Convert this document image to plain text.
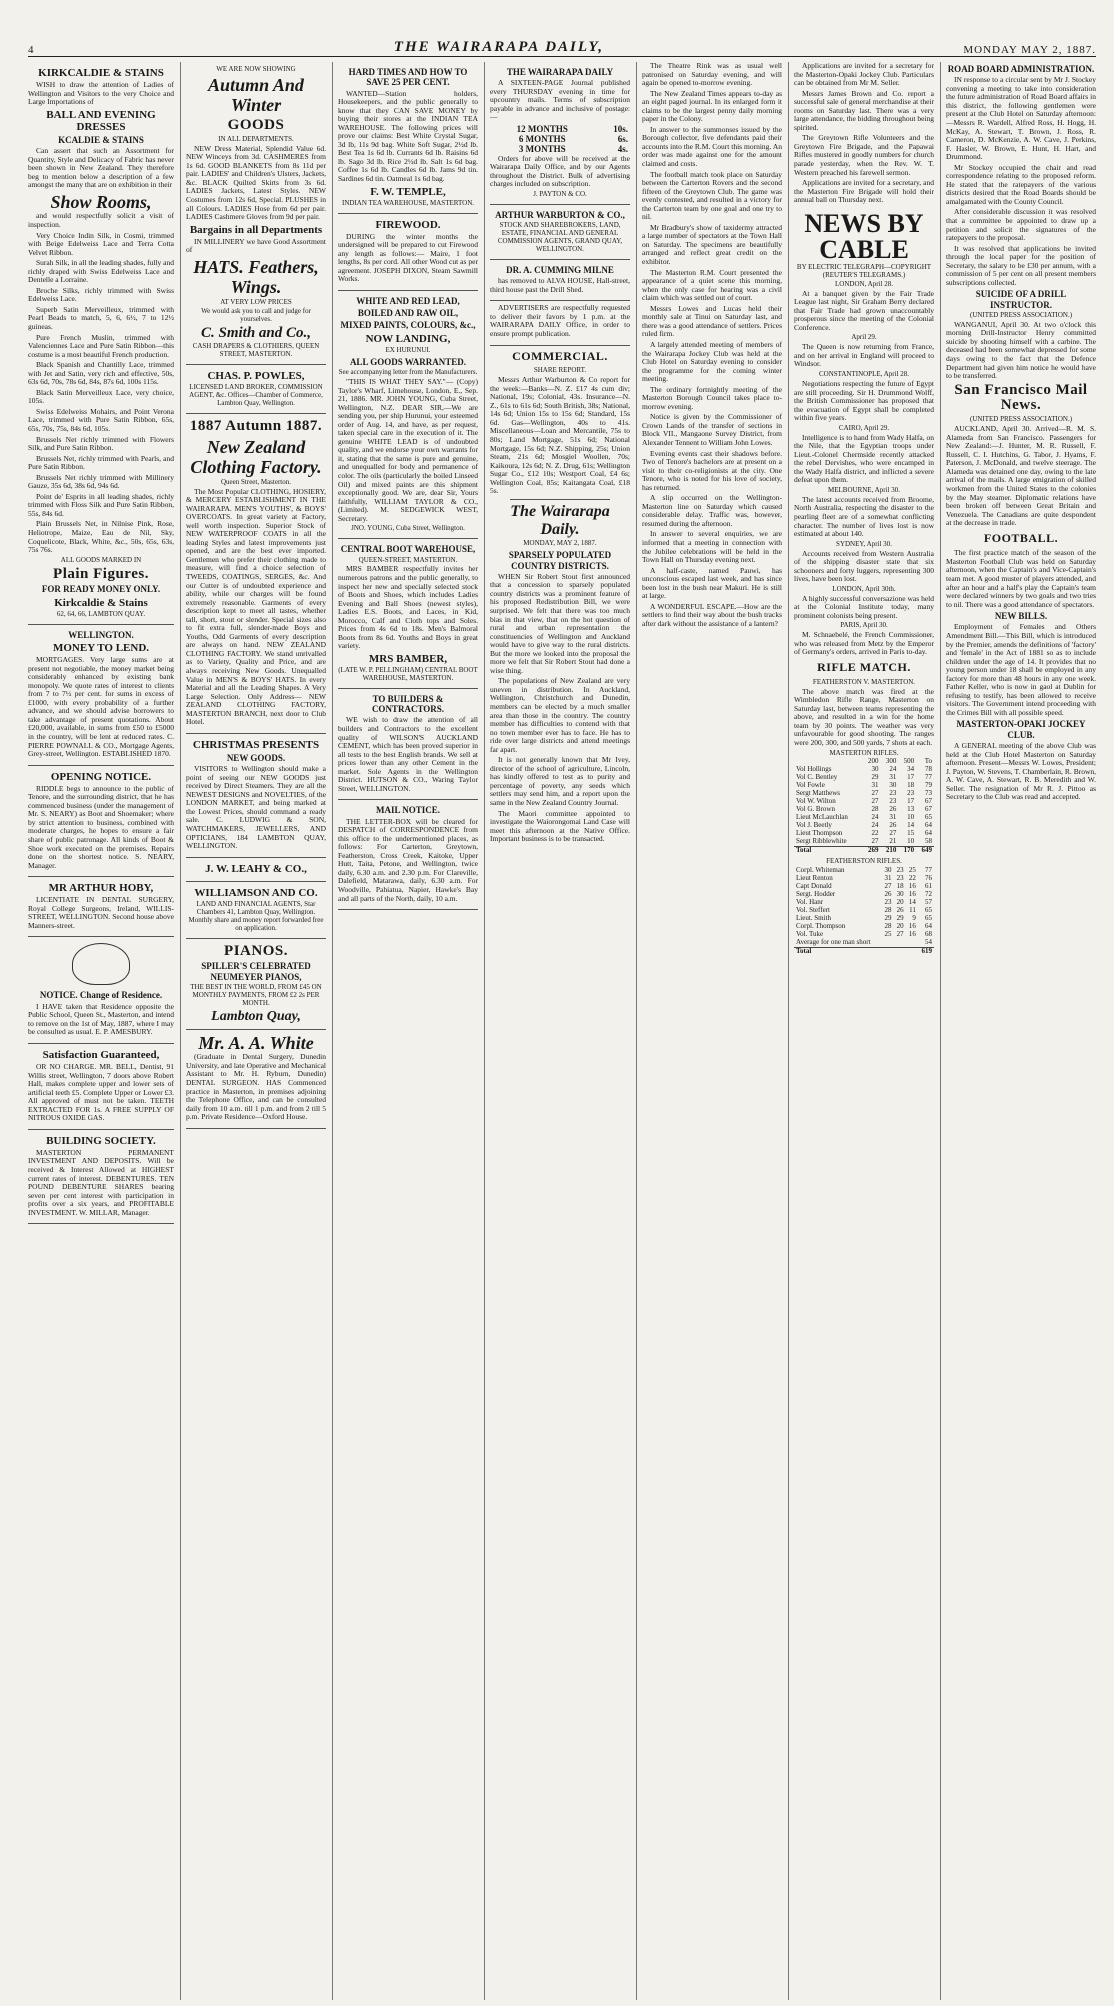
4	THE WAIRARAPA DAILY,	MONDAY MAY 2, 1887.
KIRKCALDIE & STAINS

WISH to draw the attention of Ladies of Wellington and Visitors to the very Choice and Large Importations of

BALL AND EVENING DRESSES
KCALDIE & STAINS

Can assert that such an Assortment for Quantity, Style and Delicacy of Fabric has never been shown in New Zealand. They therefore beg to mention below a description of a few amongst the many that are on exhibition in their

Show Rooms,

and would respectfully solicit a visit of inspection.

Very Choice Indin Silk, in Cosmi, trimmed with Beige Edelweiss Lace and Terra Cotta Velvet Ribbon.

Surah Silk, in all the leading shades, fully and richly draped with Swiss Edelweiss Lace and Dentelle a Lorraine.

Broche Silks, richly trimmed with Swiss Edelweiss Lace.

Superb Satin Merveilleux, trimmed with Pearl Beads to match, 5, 6, 6½, 7 to 12½ guineas.

Pure French Muslin, trimmed with Valenciennes Lace and Pure Satin Ribbon—this costume is a most beautiful French production.

Black Spanish and Chantilly Lace, trimmed with Jet and Satin, very rich and effective, 50s, 63s 6d, 70s, 78s 6d, 84s, 87s 6d, 100s 115s.

Black Satin Merveilleux Lace, very choice, 105s.

Swiss Edelweiss Mohairs, and Point Verona Lace, trimmed with Pure Satin Ribbon, 65s, 65s, 70s, 75s, 84s 6d, 105s.

Brussels Net richly trimmed with Flowers Silk, and Pure Satin Ribbon.

Brussels Net, richly trimmed with Pearls, and Pure Satin Ribbon.

Brussels Net richly trimmed with Millinery Gauze, 35s 6d, 38s 6d, 94s 6d.

Point de' Esprits in all leading shades, richly trimmed with Floss Silk and Pure Satin Ribbon, 55s, 84s 6d.

Plain Brussels Net, in Nilnise Pink, Rose, Heliotrope, Maize, Eau de Nil, Sky, Coquelicote, Black, White, &c., 50s, 65s, 63s, 75s 76s.

ALL GOODS MARKED IN
Plain Figures.
FOR READY MONEY ONLY.
Kirkcaldie & Stains
62, 64, 66, LAMBTON QUAY.
WELLINGTON.
MONEY TO LEND.

MORTGAGES. Very large sums are at present not negotiable, the money market being considerably enhanced by existing bank monopoly. We quote rates of interest to clients from 7 to 7½ per cent. for sums in excess of £1000, with every probability of a further advance, and we should advise borrowers to take advantage of present quotations. About £20,000, available, in sums from £50 to £5000 in the country, will be lent at reduced rates. C. PIERRE POWNALL & CO., Mortgage Agents, Grey-street, Wellington. ESTABLISHED 1870.

OPENING NOTICE.

RIDDLE begs to announce to the public of Tenore, and the surrounding district, that he has commenced business (under the management of Mr. S. NEARY) as Boot and Shoemaker; where by strict attention to business, combined with moderate charges, he hopes to ensure a fair share of public patronage. All kinds of Boot & Shoe work executed on the premises. Repairs done on the shortest notice. S. NEARY, Manager.

MR ARTHUR HOBY,

LICENTIATE IN DENTAL SURGERY, Royal College Surgeons, Ireland, WILLIS-STREET, WELLINGTON. Second house above Manners-street.

NOTICE. Change of Residence.

I HAVE taken that Residence opposite the Public School, Queen St., Masterton, and intend to remove on the 1st of May, 1887, where I may be consulted as usual. E. P. AMESBURY.

Satisfaction Guaranteed,

OR NO CHARGE. MR. BELL, Dentist, 91 Willis street, Wellington, 7 doors above Robert Hall, makes complete upper and lower sets of artificial teeth £5. Complete Upper or Lower £3. All approved of must not be taken. TEETH EXTRACTED FOR 1s. A FREE SUPPLY OF NITROUS OXIDE GAS.

BUILDING SOCIETY.

MASTERTON PERMANENT INVESTMENT AND DEPOSITS. Will be received & Interest Allowed at HIGHEST current rates of interest. DEBENTURES. TEN POUND DEBENTURE SHARES bearing seven per cent interest with participation in profits over a six years, and PROFITABLE INVESTMENT. W. MILLAR, Manager.

WE ARE NOW SHOWING
Autumn And Winter
GOODS
IN ALL DEPARTMENTS.

NEW Dress Material, Splendid Value 6d. NEW Winceys from 3d. CASHMERES from 1s 6d. GOOD BLANKETS from 8s 11d per pair. LADIES' and Children's Ulsters, Jackets, &c. BLACK Quilted Skirts from 3s 6d. LADIES Jackets, Latest Styles. NEW Costumes from 12s 6d, Special. PLUSHES in all Colours. LADIES Hose from 6d per pair. LADIES Cashmere Gloves from 9d per pair.

Bargains in all Departments

IN MILLINERY we have Good Assortment of

HATS. Feathers, Wings.
AT VERY LOW PRICES
We would ask you to call and judge for yourselves.
C. Smith and Co.,
CASH DRAPERS & CLOTHIERS, QUEEN STREET, MASTERTON.
CHAS. P. POWLES,
LICENSED LAND BROKER, COMMISSION AGENT, &c. Offices—Chamber of Commerce, Lambton Quay, Wellington.
1887 Autumn 1887.
New Zealand Clothing Factory.
Queen Street, Masterton.

The Most Popular CLOTHING, HOSIERY, & MERCERY ESTABLISHMENT IN THE WAIRARAPA. MEN'S YOUTHS', & BOYS' OVERCOATS. In great variety at Factory, well worth inspection. Superior Stock of NEW WATERPROOF COATS in all the leading Styles and latest improvements just opened, and are the best ever imported. Gentlemen who prefer their clothing made to measure, will find a choice selection of TWEEDS, COATINGS, SERGES, &c. And our Cutter is of undoubted experience and ability, while our charges will be found extremely reasonable. Garments of every description kept to meet all tastes, whether tall, short, stout or slender. Special sizes also to fit extra full, slender-made Boys and Youths, Odd Garments of every description are always on hand. NEW ZEALAND CLOTHING FACTORY. We stand unrivalled as to Variety, Quality and Price, and are always receiving New Goods. Unequalled Value in MEN'S & BOYS' HATS. In every Material and all the Leading Shapes. A Very Large Selection. Only Address— NEW ZEALAND CLOTHING FACTORY, MASTERTON BRANCH, next door to Club Hotel.

CHRISTMAS PRESENTS
NEW GOODS.

VISITORS to Wellington should make a point of seeing our NEW GOODS just received by Direct Steamers. They are all the NEWEST DESIGNS and NOVELTIES, of the LONDON MARKET, and being marked at the Lowest Prices, should command a ready sale. C. LUDWIG & SON, WATCHMAKERS, JEWELLERS, AND OPTICIANS, 184 LAMBTON QUAY, WELLINGTON.

J. W. LEAHY & CO.,
WILLIAMSON AND CO.
LAND AND FINANCIAL AGENTS, Star Chambers 41, Lambton Quay, Wellington. Monthly share and money report forwarded free on application.
PIANOS.
SPILLER'S CELEBRATED NEUMEYER PIANOS,
THE BEST IN THE WORLD, FROM £45 ON MONTHLY PAYMENTS, FROM £2 2s PER MONTH.
Lambton Quay,
Mr. A. A. White

(Graduate in Dental Surgery, Dunedin University, and late Operative and Mechanical Assistant to Mr. H. Ryburn, Dunedin) DENTAL SURGEON. HAS Commenced practice in Masterton, in premises adjoining the Telephone Office, and can be consulted daily from 10 a.m. till 1 p.m. and from 2 till 5 p.m. Private Residence—Oxford House.

HARD TIMES AND HOW TO SAVE 25 PER CENT.

WANTED—Station holders, Housekeepers, and the public generally to know that they CAN SAVE MONEY by buying their stores at the INDIAN TEA WAREHOUSE. The following prices will prove our claims: Best White Crystal Sugar, 3d lb, 11s 9d bag. White Soft Sugar, 2½d lb. Best Tea 1s 6d lb. Currants 6d lb. Raisins 6d lb. Sago 3d lb. Rice 2½d lb. Salt 1s 6d bag. Coffee 1s 6d lb. Candles 6d lb. Jams 9d tin. Sardines 6d tin. Oatmeal 1s 6d bag.

F. W. TEMPLE,
INDIAN TEA WAREHOUSE, MASTERTON.
FIREWOOD.

DURING the winter months the undersigned will be prepared to cut Firewood any length as follows:— Maire, 1 foot lengths, 8s per cord. All other Wood cut as per agreement. JOSEPH DIXON, Steam Sawmill Works.

WHITE AND RED LEAD,
BOILED AND RAW OIL,
MIXED PAINTS, COLOURS, &c.,
NOW LANDING,
EX HURUNUI.
ALL GOODS WARRANTED.
See accompanying letter from the Manufacturers.

"THIS IS WHAT THEY SAY."— (Copy) Taylor's Wharf, Limehouse, London, E., Sep. 21, 1886. MR. JOHN YOUNG, Cuba Street, Wellington, N.Z. DEAR SIR,—We are sending you, per ship Hurunui, your esteemed order of Aug. 14, and have, as per request, taken special care in the execution of it. The genuine WHITE LEAD is of undoubted quality, and we endorse your own warrants for it, stating that the same is pure and genuine, and unequalled for body and permanence of color. The oils (particularly the boiled Linseed Oil) and mixed paints are this shipment exceptionally good. We are, dear Sir, Yours faithfully, WILLIAM TAYLOR & CO., (Limited). M. SEDGEWICK WEST, Secretary.

JNO. YOUNG, Cuba Street, Wellington.
CENTRAL BOOT WAREHOUSE,
QUEEN-STREET, MASTERTON.

MRS BAMBER respectfully invites her numerous patrons and the public generally, to inspect her new and specially selected stock of Boots and Shoes, which includes Ladies Evening and Ball Shoes (newest styles), Ladies E.S. Boots, and Laces, in Kid, Morocco, Calf and Cloth tops and Soles. Prices from 4s 6d to 18s. Men's Balmoral Boots from 8s 6d. Youths and Boys in great variety.

MRS BAMBER,
(LATE W. P. PELLINGHAM) CENTRAL BOOT WAREHOUSE, MASTERTON.
TO BUILDERS & CONTRACTORS.

WE wish to draw the attention of all builders and Contractors to the excellent quality of WILSON'S AUCKLAND CEMENT, which has been proved superior in all tests to the best English brands. We sell at prices lower than any other Cement in the market. Sole Agents in the Wellington District. HUTSON & CO., Waring Taylor Street, WELLINGTON.

MAIL NOTICE.

THE LETTER-BOX will be cleared for DESPATCH of CORRESPONDENCE from this office to the undermentioned places, as follows: For Carterton, Greytown, Featherston, Cross Creek, Kaitoke, Upper Hutt, Taita, Petone, and Wellington, twice daily, 6.30 a.m. and 2.30 p.m. For Clareville, Dalefield, Matarawa, daily, 6.30 a.m. For Woodville, Pahiatua, Napier, Hawke's Bay and all parts of the North, daily, 10 a.m.

THE WAIRARAPA DAILY

A SIXTEEN-PAGE Journal published every THURSDAY evening in time for upcountry mails. Terms of subscription payable in advance and inclusive of postage:—

12 MONTHS	10s.
6 MONTHS	6s.
3 MONTHS	4s.

Orders for above will be received at the Wairarapa Daily Office, and by our Agents throughout the District. Bulk of advertising charges included on subscription.

J. PAYTON & CO.
ARTHUR WARBURTON & CO.,
STOCK AND SHAREBROKERS, LAND, ESTATE, FINANCIAL AND GENERAL COMMISSION AGENTS, GRAND QUAY, WELLINGTON.
DR. A. CUMMING MILNE

has removed to ALVA HOUSE, Hall-street, third house past the Drill Shed.

ADVERTISERS are respectfully requested to deliver their favors by 1 p.m. at the WAIRARAPA DAILY Office, in order to ensure prompt publication.

COMMERCIAL.
SHARE REPORT.

Messrs Arthur Warburton & Co report for the week:—Banks—N. Z. £17 4s cum div; National, 19s; Colonial, 43s. Insurance—N. Z., 61s to 61s 6d; South British, 38s; National, 14s 6d; Union 15s to 15s 6d; Standard, 15s 6d. Gas—Wellington, 40s to 41s. Miscellaneous—Loan and Mercantile, 75s to 80s; Land Mortgage, 51s 6d; National Mortgage, 15s 6d; N.Z. Shipping, 25s; Union Steam, 21s 6d; Mosgiel Woollen, 70s; Kaikoura, 12s 6d; N. Z. Drug, 61s; Wellington Sugar Co., £12 10s; Westport Coal, £4 6s; Wellington Coal, 85s; Kaitangata Coal, £18 5s.

The Wairarapa Daily.
MONDAY, MAY 2, 1887.
SPARSELY POPULATED COUNTRY DISTRICTS.

WHEN Sir Robert Stout first announced that a concession to sparsely populated country districts was a prominent feature of his proposed Redistribution Bill, we were surprised. We felt that there was too much bias in that view, that on the hot question of rural and urban representation the constituencies of Wellington and Auckland would have to give way to the rural districts. But the more we looked into the proposal the more we felt that Sir Robert Stout had done a wise thing.

The populations of New Zealand are very uneven in distribution. In Auckland, Wellington, Christchurch and Dunedin, members can be elected by a much smaller area than those in the country. The country member has difficulties to contend with that no town member ever has to face. He has to ride over large districts and attend meetings far apart.

It is not generally known that Mr Ivey, director of the school of agriculture, Lincoln, has kindly offered to test as to purity and percentage of poverty, any seeds which settlers may send him, and a report upon the same in the New Zealand Country Journal.

The Maori committee appointed to investigate the Waiorongomai Land Case will meet this afternoon at the Native Office. Important business is to be transacted.

The Theatre Rink was as usual well patronised on Saturday evening, and will again be opened to-morrow evening.

The New Zealand Times appears to-day as an eight paged journal. In its enlarged form it claims to be the largest penny daily morning paper in the Colony.

In answer to the summonses issued by the Borough collector, five defendants paid their accounts into the R.M. Court this morning. An order was made against one for the amount claimed and costs.

The football match took place on Saturday between the Carterton Rovers and the second fifteen of the Greytown Club. The game was evenly contested, and resulted in a victory for the Carterton team by one goal and one try to nil.

Mr Bradbury's show of taxidermy attracted a large number of spectators at the Town Hall on Saturday. The specimens are beautifully arranged and reflect great credit on the exhibitor.

The Masterton R.M. Court presented the appearance of a quiet scene this morning, when the only case for hearing was a civil claim which was settled out of court.

Messrs Lowes and Lucas held their monthly sale at Tinui on Saturday last, and there was a good attendance of settlers. Prices ruled firm.

A largely attended meeting of members of the Wairarapa Jockey Club was held at the Club Hotel on Saturday evening to consider the programme for the coming winter meeting.

The ordinary fortnightly meeting of the Masterton Borough Council takes place to-morrow evening.

Notice is given by the Commissioner of Crown Lands of the transfer of sections in Block VII., Mangaone Survey District, from Alexander Tennent to William John Lowes.

Evening events cast their shadows before. Two of Tenore's bachelors are at present on a visit to their co-religionists at the city. One Tenore, who is noted for his love of society, has returned.

A slip occurred on the Wellington-Masterton line on Saturday which caused considerable delay. Traffic was, however, resumed during the afternoon.

In answer to several enquiries, we are informed that a meeting in connection with the Jubilee celebrations will be held in the Town Hall on Thursday evening next.

A half-caste, named Pauwi, has unconscious escaped last week, and has since been lost in the bush near Makuri. He is still at large.

A WONDERFUL ESCAPE.—How are the settlers to find their way about the bush tracks after dark without the assistance of a lantern?

Applications are invited for a secretary for the Masterton-Opaki Jockey Club. Particulars can be obtained from Mr M. Seller.

Messrs James Brown and Co. report a successful sale of general merchandise at their rooms on Saturday last. There was a very large attendance, the bidding throughout being spirited.

The Greytown Rifle Volunteers and the Greytown Fire Brigade, and the Papawai Rifles mustered in goodly numbers for church parade yesterday, when the Rev. W. T. Western preached his farewell sermon.

Applications are invited for a secretary, and the Masterton Fire Brigade will hold their annual ball on Thursday next.

NEWS BY CABLE
BY ELECTRIC TELEGRAPH—COPYRIGHT (REUTER'S TELEGRAMS.)
LONDON, April 28.

At a banquet given by the Fair Trade League last night, Sir Graham Berry declared that Fair Trade had grown unaccountably prosperous since the meeting of the Colonial Conference.

April 29.

The Queen is now returning from France, and on her arrival in England will proceed to Windsor.

CONSTANTINOPLE, April 28.

Negotiations respecting the future of Egypt are still proceeding. Sir H. Drummond Wolff, the British Commissioner has proposed that the evacuation of Egypt shall be completed within five years.

CAIRO, April 29.

Intelligence is to hand from Wady Halfa, on the Nile, that the Egyptian troops under Lieut.-Colonel Chermside recently attacked the rebel Dervishes, who were encamped in the Wady Halfa district, and inflicted a severe defeat upon them.

MELBOURNE, April 30.

The latest accounts received from Broome, North Australia, respecting the disaster to the pearling fleet are of a somewhat conflicting character. The number of lives lost is now estimated at about 140.

SYDNEY, April 30.

Accounts received from Western Australia of the shipping disaster state that six schooners and forty luggers, representing 300 lives, have been lost.

LONDON, April 30th.

A highly successful conversazione was held at the Colonial Institute today, many prominent colonists being present.

PARIS, April 30.

M. Schnaebelé, the French Commissioner, who was released from Metz by the Emperor of Germany's orders, arrived in Paris to-day.

RIFLE MATCH.
FEATHERSTON V. MASTERTON.

The above match was fired at the Wimbledon Rifle Range, Masterton on Saturday last, between teams representing the above, and resulted in a win for the home team by 30 points. The weather was very unfavourable for good shooting. The ranges were 200, 300, and 500 yards, 7 shots at each.

MASTERTON RIFLES.
	200	300	500	To
Vol Hollings	30	24	34	78
Vol C. Bentley	29	31	17	77
Vol Fowle	31	30	18	79
Sergt Matthews	27	23	23	73
Vol W. Wilton	27	23	17	67
Vol G. Brown	28	26	13	67
Lieut McLauchlan	24	31	10	65
Vol J. Beetly	24	26	14	64
Lieut Thompson	22	27	15	64
Sergt Ribblewhite	27	21	10	58
Total	269	210	170	649
FEATHERSTON RIFLES.
Corpl. Whiteman	30	23	25	77
Lieut Renton	31	23	22	76
Capt Donald	27	18	16	61
Sergt. Hodder	26	30	16	72
Vol. Hanr	23	20	14	57
Vol. Steffert	28	26	11	65
Lieut. Smith	29	29	9	65
Corpl. Thompson	28	20	16	64
Vol. Tuke	25	27	16	68
Average for one man short				54
Total				619
ROAD BOARD ADMINISTRATION.

IN response to a circular sent by Mr J. Stockey convening a meeting to take into consideration the future administration of Road Board affairs in this district, the following gentlemen were present at the Club Hotel on Saturday afternoon:—Messrs R. Wardell, Alfred Ross, H. Hogg, H. McKay, A. Stewart, T. Brown, J. Ross, R. Cameron, D. McKenzie, A. W. Cave, J. Perkins, F. Hasler, W. Brown, E. Hunt, H. Hart, and Drummond.

Mr Stockey occupied the chair and read correspondence relating to the proposed reform. He stated that the ratepayers of the various districts desired that the Road Boards should be amalgamated with the County Council.

After considerable discussion it was resolved that a committee be appointed to draw up a petition and solicit the signatures of the ratepayers to the proposal.

It was resolved that applications be invited through the local paper for the position of Secretary, the salary to be £30 per annum, with a commission of 5 per cent on all present members subscriptions collected.

SUICIDE OF A DRILL INSTRUCTOR.
(UNITED PRESS ASSOCIATION.)

WANGANUI, April 30. At two o'clock this morning Drill-Instructor Henry committed suicide by shooting himself with a carbine. The deceased had been somewhat depressed for some days owing to the fact that the Defence Department had given him notice he would have to be transferred.

San Francisco Mail News.
(UNITED PRESS ASSOCIATION.)

AUCKLAND, April 30. Arrived—R. M. S. Alameda from San Francisco. Passengers for New Zealand:—J. Hunter, M. R. Russell, F. Russell, C. I. Hutchins, G. Tabor, J. Hyams, F. Paterson, J. McDonald, and twelve steerage. The Alameda was detained one day, owing to the late arrival of the mails. A large emigration of skilled workmen from the United States to the colonies by the May steamer. Diplomatic relations have been broken off between Great Britain and Venezuela. The Canadians are quite despondent at the decrease in trade.

FOOTBALL.

The first practice match of the season of the Masterton Football Club was held on Saturday afternoon, when the Captain's and Vice-Captain's team met. A good muster of players attended, and after an hour and a half's play the Captain's team were declared winners by two goals and two tries to nil. There was a good attendance of spectators.

NEW BILLS.

Employment of Females and Others Amendment Bill.—This Bill, which is introduced by the Premier, amends the definitions of 'factory' and 'female' in the Act of 1881 so as to include children under the age of 14. It provides that no young person under 18 shall be employed in any factory for more than 48 hours in any one week. Father Keller, who is now in gaol at Dublin for refusing to testify, has been allowed to receive visitors. The Government intend proceeding with the Crimes Bill with all possible speed.

MASTERTON-OPAKI JOCKEY CLUB.

A GENERAL meeting of the above Club was held at the Club Hotel Masterton on Saturday afternoon. Present—Messrs W. Lowes, President; J. Payton, W. Stevens, T. Chamberlain, R. Brown, A. W. Cave, A. Stewart, R. B. Meredith and W. Seller. The resignation of Mr R. J. Pittoo as Secretary to the Club was read and accepted.
